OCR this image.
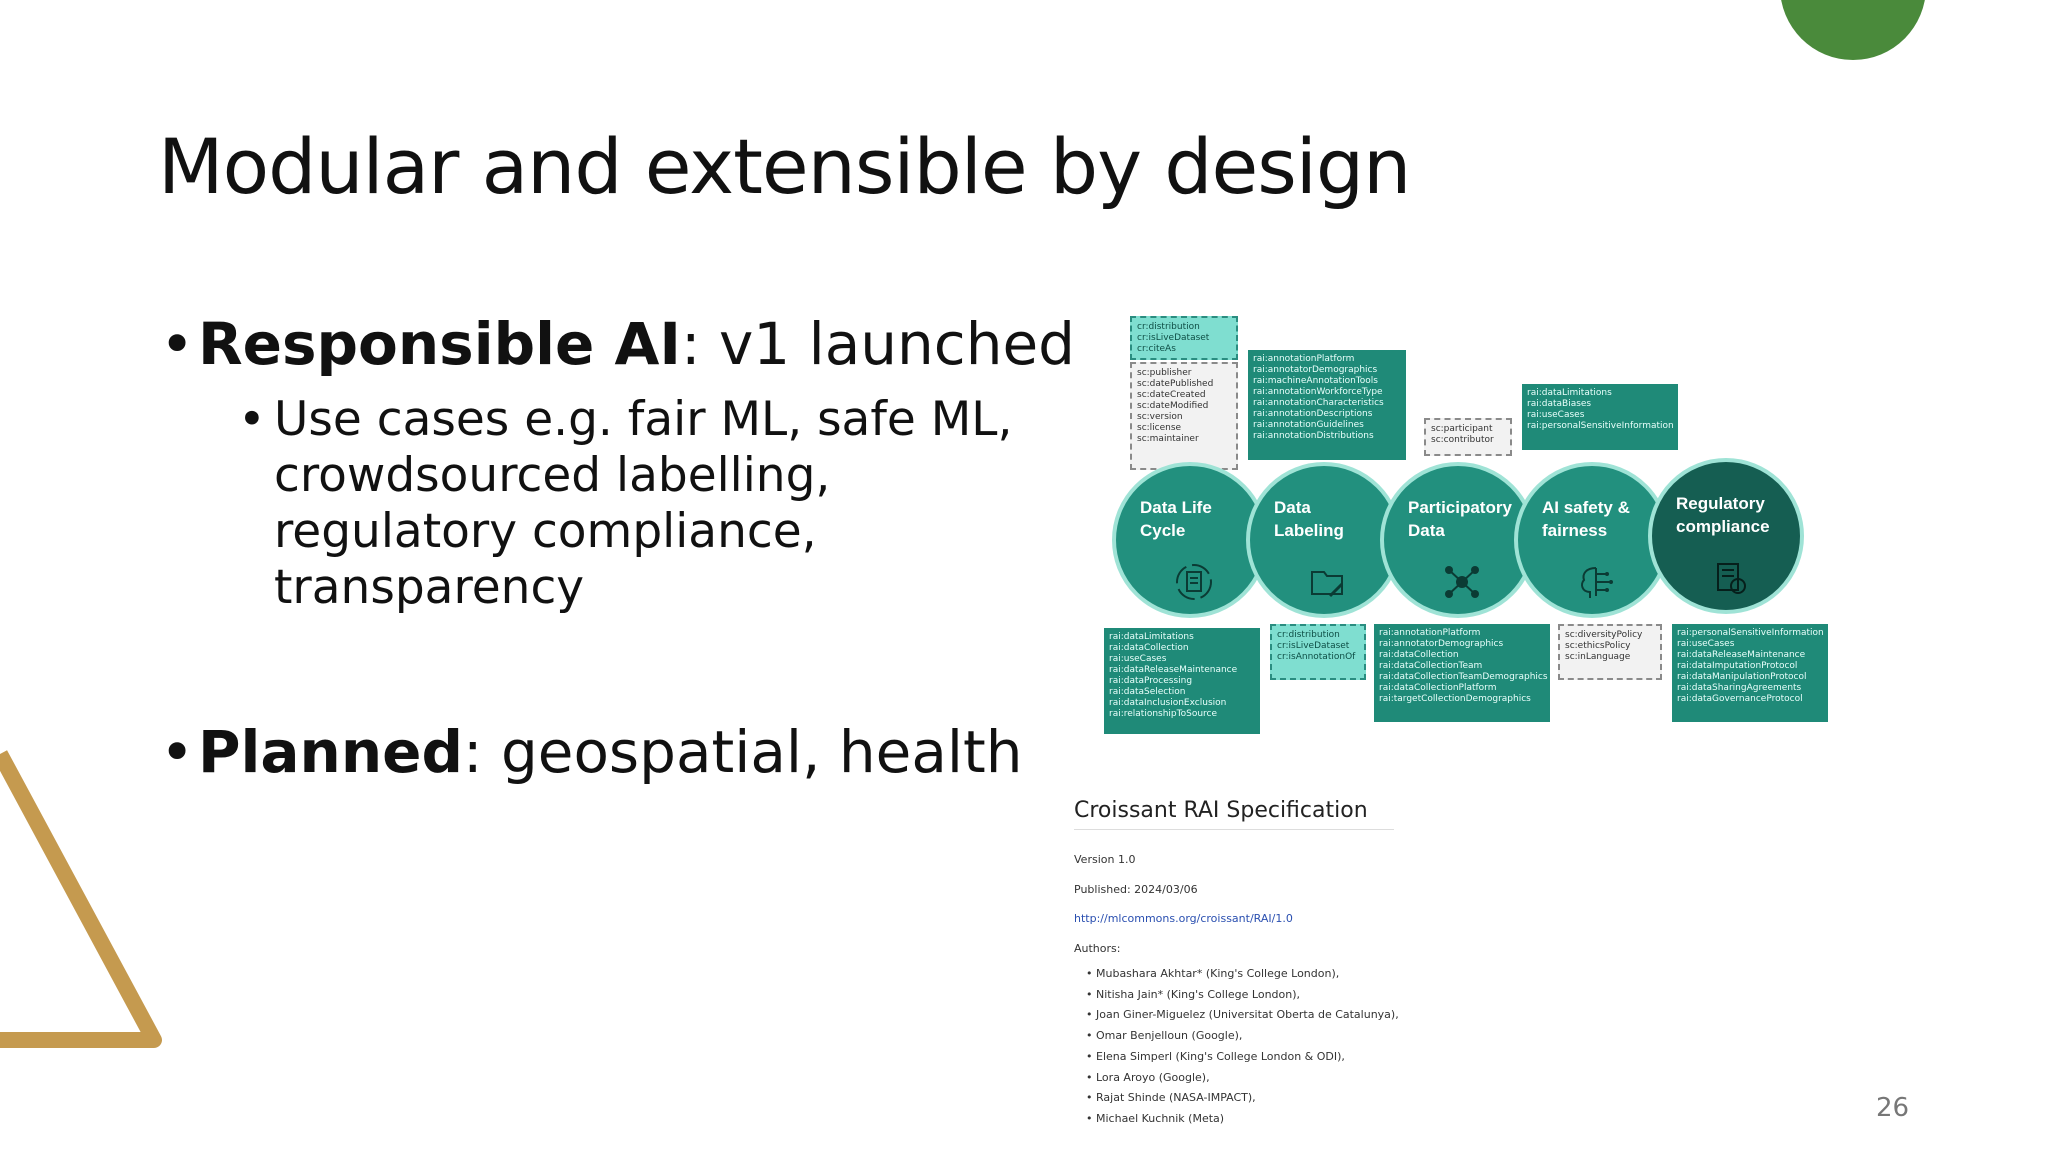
Modular and extensible by design
• Responsible AI: v1 launched
• Use cases e.g. fair ML, safe ML,
crowdsourced labelling,
regulatory compliance,
transparency
• Planned: geospatial, health
cr:distribution
cr:isLiveDataset
cr:citeAs
sc:publisher
sc:datePublished
sc:dateCreated
sc:dateModified
sc:version
sc:license
sc:maintainer
rai:annotationPlatform
rai:annotatorDemographics
rai:machineAnnotationTools
rai:annotationWorkforceType
rai:annotationCharacteristics
rai:annotationDescriptions
rai:annotationGuidelines
rai:annotationDistributions
sc:participant
sc:contributor
rai:dataLimitations
rai:dataBiases
rai:useCases
rai:personalSensitiveInformation
Data Life
Cycle
Data
Labeling
Participatory
Data
AI safety &
fairness
Regulatory
compliance
rai:dataLimitations
rai:dataCollection
rai:useCases
rai:dataReleaseMaintenance
rai:dataProcessing
rai:dataSelection
rai:dataInclusionExclusion
rai:relationshipToSource
cr:distribution
cr:isLiveDataset
cr:isAnnotationOf
rai:annotationPlatform
rai:annotatorDemographics
rai:dataCollection
rai:dataCollectionTeam
rai:dataCollectionTeamDemographics
rai:dataCollectionPlatform
rai:targetCollectionDemographics
sc:diversityPolicy
sc:ethicsPolicy
sc:inLanguage
rai:personalSensitiveInformation
rai:useCases
rai:dataReleaseMaintenance
rai:dataImputationProtocol
rai:dataManipulationProtocol
rai:dataSharingAgreements
rai:dataGovernanceProtocol
Croissant RAI Specification
Version 1.0
Published: 2024/03/06
http://mlcommons.org/croissant/RAI/1.0
Authors:
• Mubashara Akhtar* (King's College London),
• Nitisha Jain* (King's College London),
• Joan Giner-Miguelez (Universitat Oberta de Catalunya),
• Omar Benjelloun (Google),
• Elena Simperl (King's College London & ODI),
• Lora Aroyo (Google),
• Rajat Shinde (NASA-IMPACT),
• Michael Kuchnik (Meta)	26
